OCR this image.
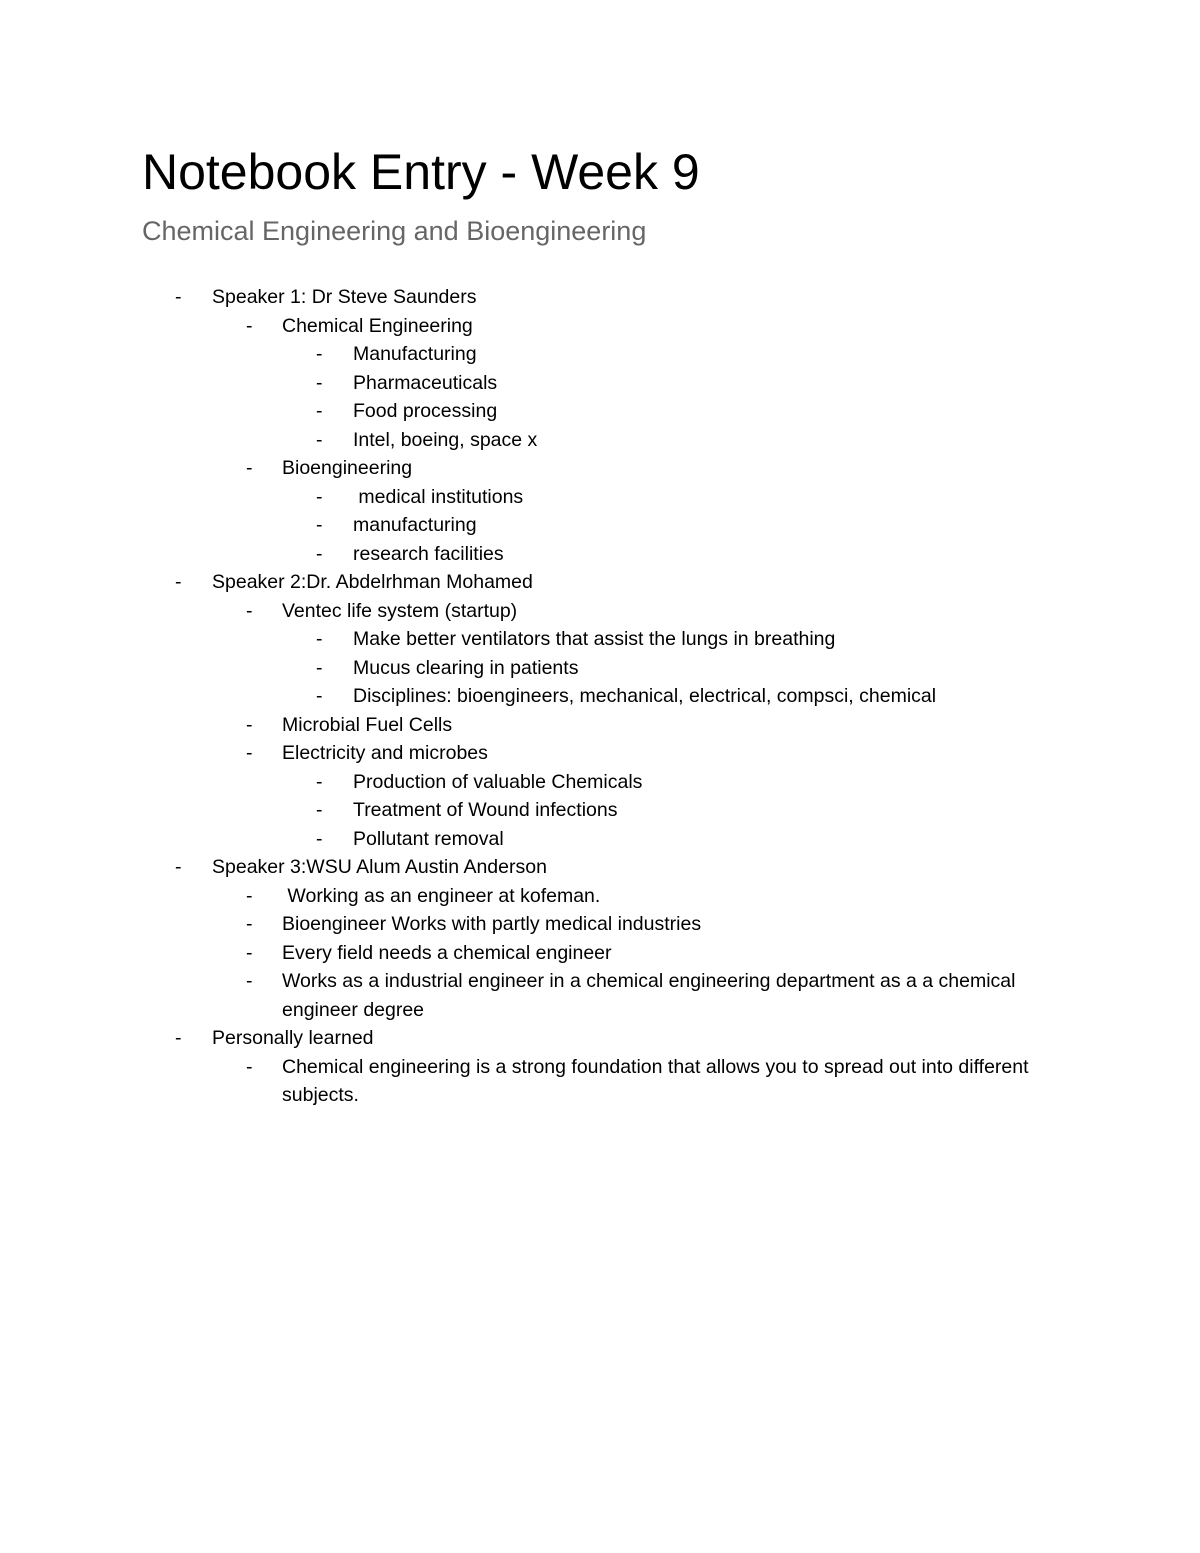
Notebook Entry - Week 9
Chemical Engineering and Bioengineering
- Speaker 1: Dr Steve Saunders
- Chemical Engineering
- Manufacturing
- Pharmaceuticals
- Food processing
- Intel, boeing, space x
- Bioengineering
- medical institutions
- manufacturing
- research facilities
- Speaker 2:Dr. Abdelrhman Mohamed
- Ventec life system (startup)
- Make better ventilators that assist the lungs in breathing
- Mucus clearing in patients
- Disciplines: bioengineers, mechanical, electrical, compsci, chemical
- Microbial Fuel Cells
- Electricity and microbes
- Production of valuable Chemicals
- Treatment of Wound infections
- Pollutant removal
- Speaker 3:WSU Alum Austin Anderson
- Working as an engineer at kofeman.
- Bioengineer Works with partly medical industries
- Every field needs a chemical engineer
- Works as a industrial engineer in a chemical engineering department as a a chemical engineer degree
- Personally learned
- Chemical engineering is a strong foundation that allows you to spread out into different subjects.
